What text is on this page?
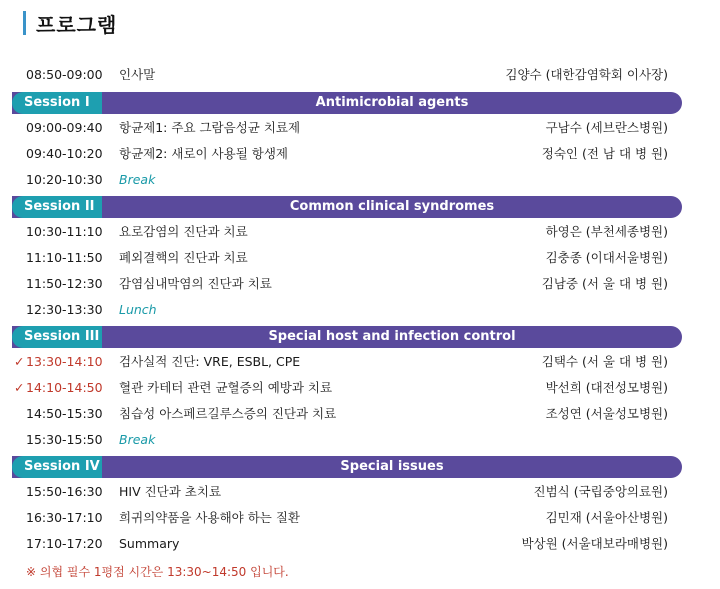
프로그램
08:50-09:00 인사말	김양수 (대한감염학회 이사장)
Session I	Antimicrobial agents
09:00-09:40 항균제1: 주요 그람음성균 치료제	구남수 (세브란스병원)
09:40-10:20 항균제2: 새로이 사용될 항생제	정숙인 (전 남 대 병 원)
10:20-10:30 Break
Session II	Common clinical syndromes
10:30-11:10 요로감염의 진단과 치료	하영은 (부천세종병원)
11:10-11:50 폐외결핵의 진단과 치료	김충종 (이대서울병원)
11:50-12:30 감염심내막염의 진단과 치료	김남중 (서 울 대 병 원)
12:30-13:30 Lunch
Session III	Special host and infection control
✓ 13:30-14:10 검사실적 진단: VRE, ESBL, CPE	김택수 (서 울 대 병 원)
✓ 14:10-14:50 혈관 카테터 관련 균혈증의 예방과 치료	박선희 (대전성모병원)
14:50-15:30 침습성 아스페르길루스증의 진단과 치료	조성연 (서울성모병원)
15:30-15:50 Break
Session IV	Special issues
15:50-16:30 HIV 진단과 초치료	진범식 (국립중앙의료원)
16:30-17:10 희귀의약품을 사용해야 하는 질환	김민재 (서울아산병원)
17:10-17:20 Summary	박상원 (서울대보라매병원)
※ 의협 필수 1평점 시간은 13:30~14:50 입니다.
